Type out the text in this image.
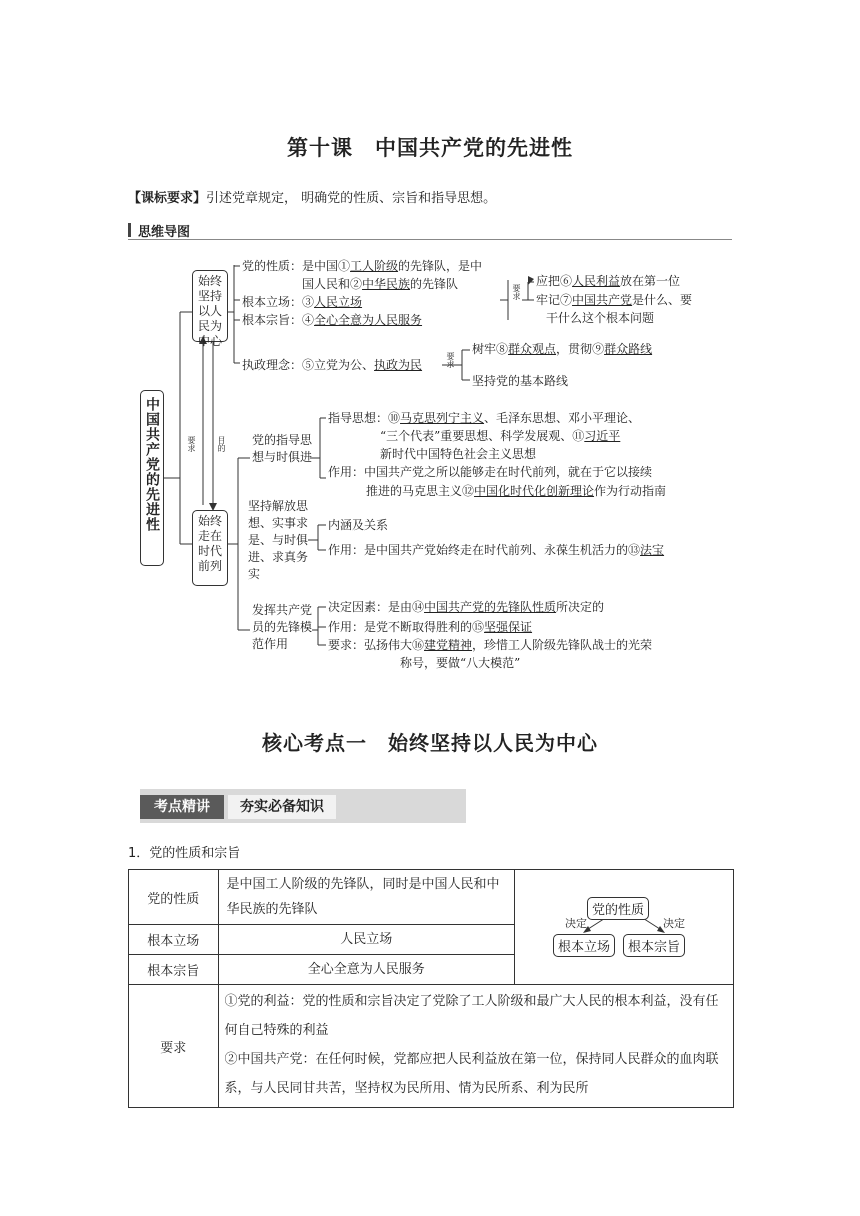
第十课　中国共产党的先进性
【课标要求】引述党章规定， 明确党的性质、宗旨和指导思想。
思维导图
中国共产党的先进性	要求	目的
始终坚持以人民为中心
始终走在时代前列
党的性质：是中国①工人阶级的先锋队，是中
国人民和②中华民族的先锋队
根本立场：③人民立场
根本宗旨：④全心全意为人民服务
要求
应把⑥人民利益放在第一位
牢记⑦中国共产党是什么、要
干什么这个根本问题
执政理念：⑤立党为公、执政为民	要求
树牢⑧群众观点，贯彻⑨群众路线
坚持党的基本路线
党的指导思想与时俱进
指导思想：⑩马克思列宁主义、毛泽东思想、邓小平理论、
“三个代表”重要思想、科学发展观、⑪习近平
新时代中国特色社会主义思想
作用：中国共产党之所以能够走在时代前列，就在于它以接续
推进的马克思主义⑫中国化时代化创新理论作为行动指南
坚持解放思想、实事求是、与时俱进、求真务实
内涵及关系
作用：是中国共产党始终走在时代前列、永葆生机活力的⑬法宝
发挥共产党员的先锋模范作用
决定因素：是由⑭中国共产党的先锋队性质所决定的
作用：是党不断取得胜利的⑮坚强保证
要求：弘扬伟大⑯建党精神，珍惜工人阶级先锋队战士的光荣
称号，要做“八大模范”
核心考点一　始终坚持以人民为中心
考点精讲	夯实必备知识
1．党的性质和宗旨
党的性质	是中国工人阶级的先锋队，同时是中国人民和中华民族的先锋队	党的性质
决定 决定
根本立场 根本宗旨

根本立场	人民立场	
根本宗旨	全心全意为人民服务	
要求	①党的利益：党的性质和宗旨决定了党除了工人阶级和最广大人民的根本利益，没有任何自己特殊的利益
②中国共产党：在任何时候，党都应把人民利益放在第一位，保持同人民群众的血肉联系，与人民同甘共苦，坚持权为民所用、情为民所系、利为民所	
